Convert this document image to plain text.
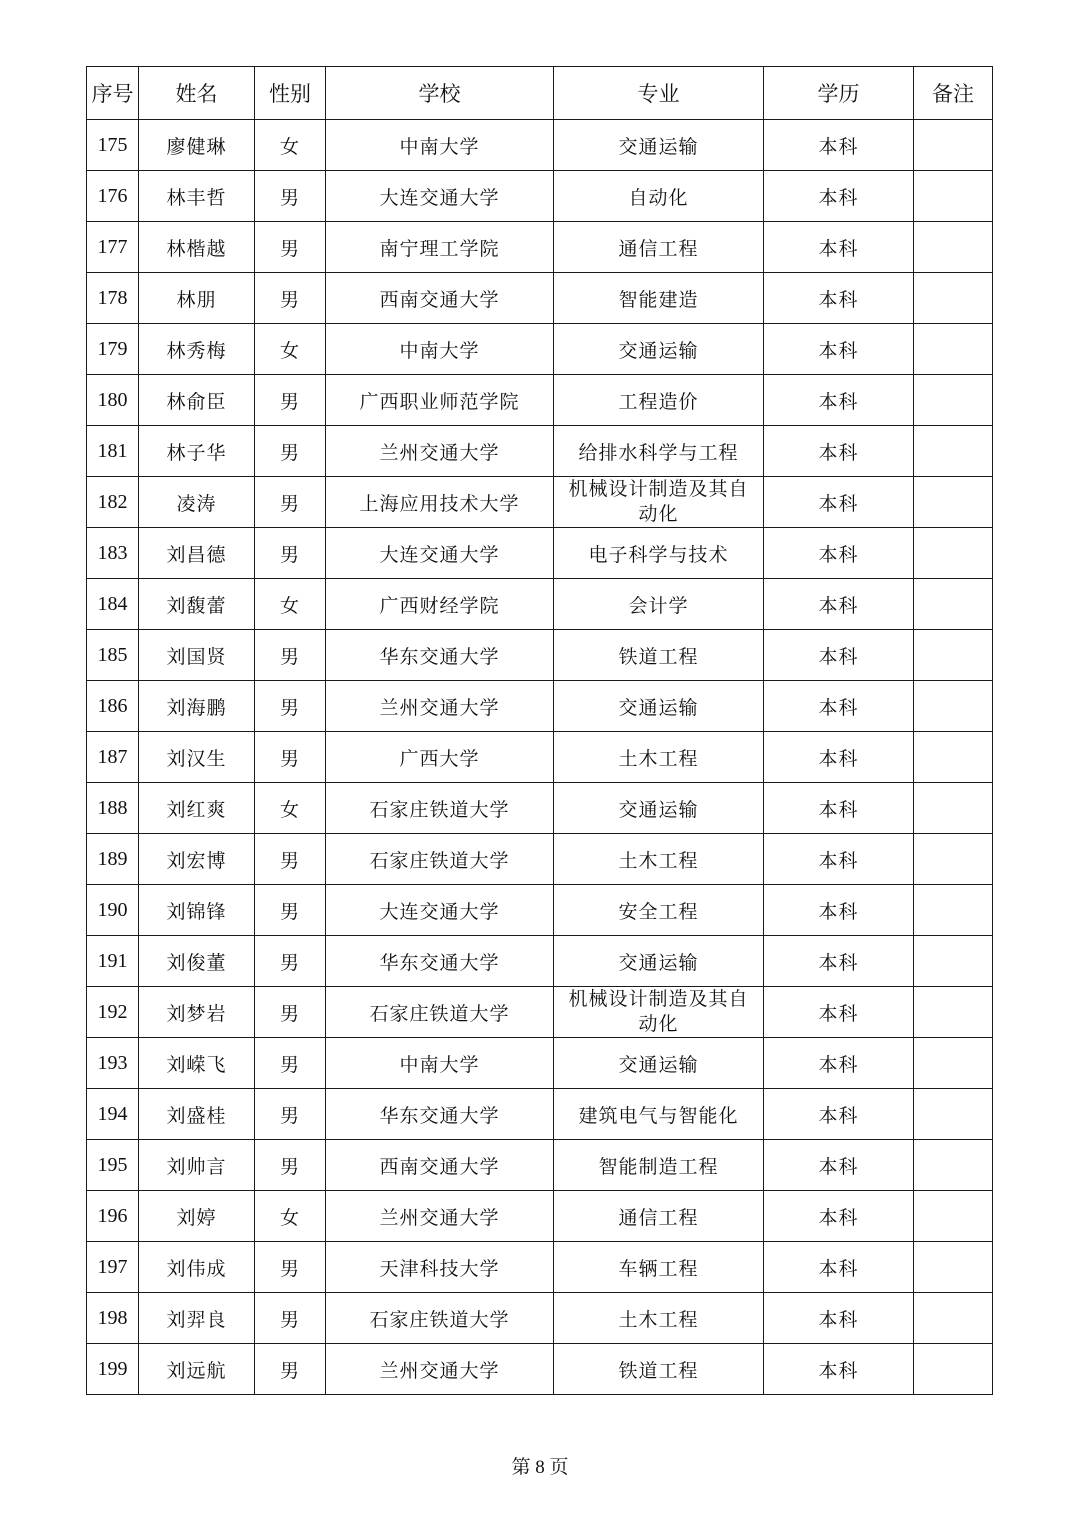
序号	姓名	性别	学校	专业	学历	备注
175	廖健琳	女	中南大学	交通运输	本科	
176	林丰哲	男	大连交通大学	自动化	本科	
177	林楷越	男	南宁理工学院	通信工程	本科	
178	林朋	男	西南交通大学	智能建造	本科	
179	林秀梅	女	中南大学	交通运输	本科	
180	林俞臣	男	广西职业师范学院	工程造价	本科	
181	林子华	男	兰州交通大学	给排水科学与工程	本科	
182	凌涛	男	上海应用技术大学	机械设计制造及其自动化	本科	
183	刘昌德	男	大连交通大学	电子科学与技术	本科	
184	刘馥蕾	女	广西财经学院	会计学	本科	
185	刘国贤	男	华东交通大学	铁道工程	本科	
186	刘海鹏	男	兰州交通大学	交通运输	本科	
187	刘汉生	男	广西大学	土木工程	本科	
188	刘红爽	女	石家庄铁道大学	交通运输	本科	
189	刘宏博	男	石家庄铁道大学	土木工程	本科	
190	刘锦锋	男	大连交通大学	安全工程	本科	
191	刘俊董	男	华东交通大学	交通运输	本科	
192	刘梦岩	男	石家庄铁道大学	机械设计制造及其自动化	本科	
193	刘嵘飞	男	中南大学	交通运输	本科	
194	刘盛桂	男	华东交通大学	建筑电气与智能化	本科	
195	刘帅言	男	西南交通大学	智能制造工程	本科	
196	刘婷	女	兰州交通大学	通信工程	本科	
197	刘伟成	男	天津科技大学	车辆工程	本科	
198	刘羿良	男	石家庄铁道大学	土木工程	本科	
199	刘远航	男	兰州交通大学	铁道工程	本科	
第 8 页
